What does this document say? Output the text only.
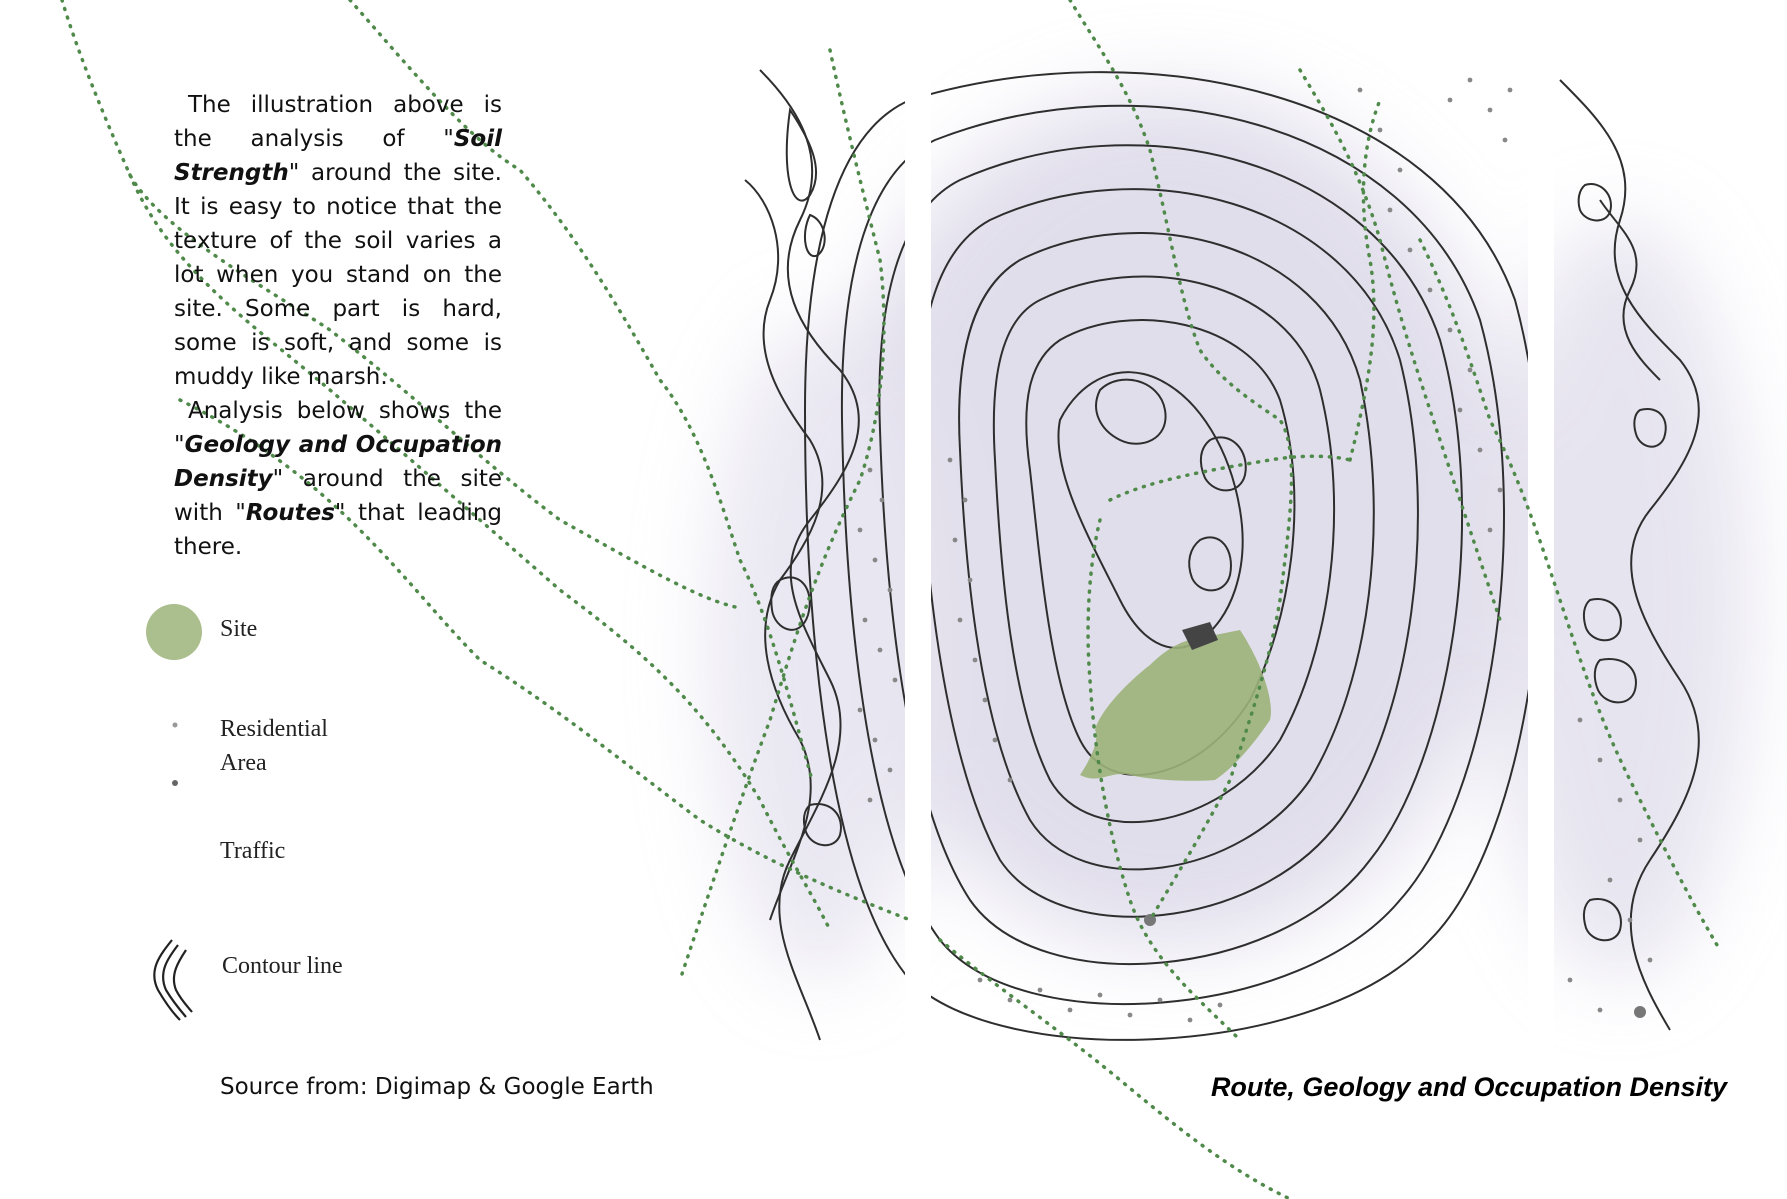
The illustration above is the analysis of "Soil Strength" around the site. It is easy to notice that the texture of the soil varies a lot when you stand on the site. Some part is hard, some is soft, and some is muddy like marsh.

Analysis below shows the "Geology and Occupation Density" around the site with "Routes" that leading there.

Site
Residential
Area
Traffic
Contour line
Source from: Digimap & Google Earth	Route, Geology and Occupation Density
